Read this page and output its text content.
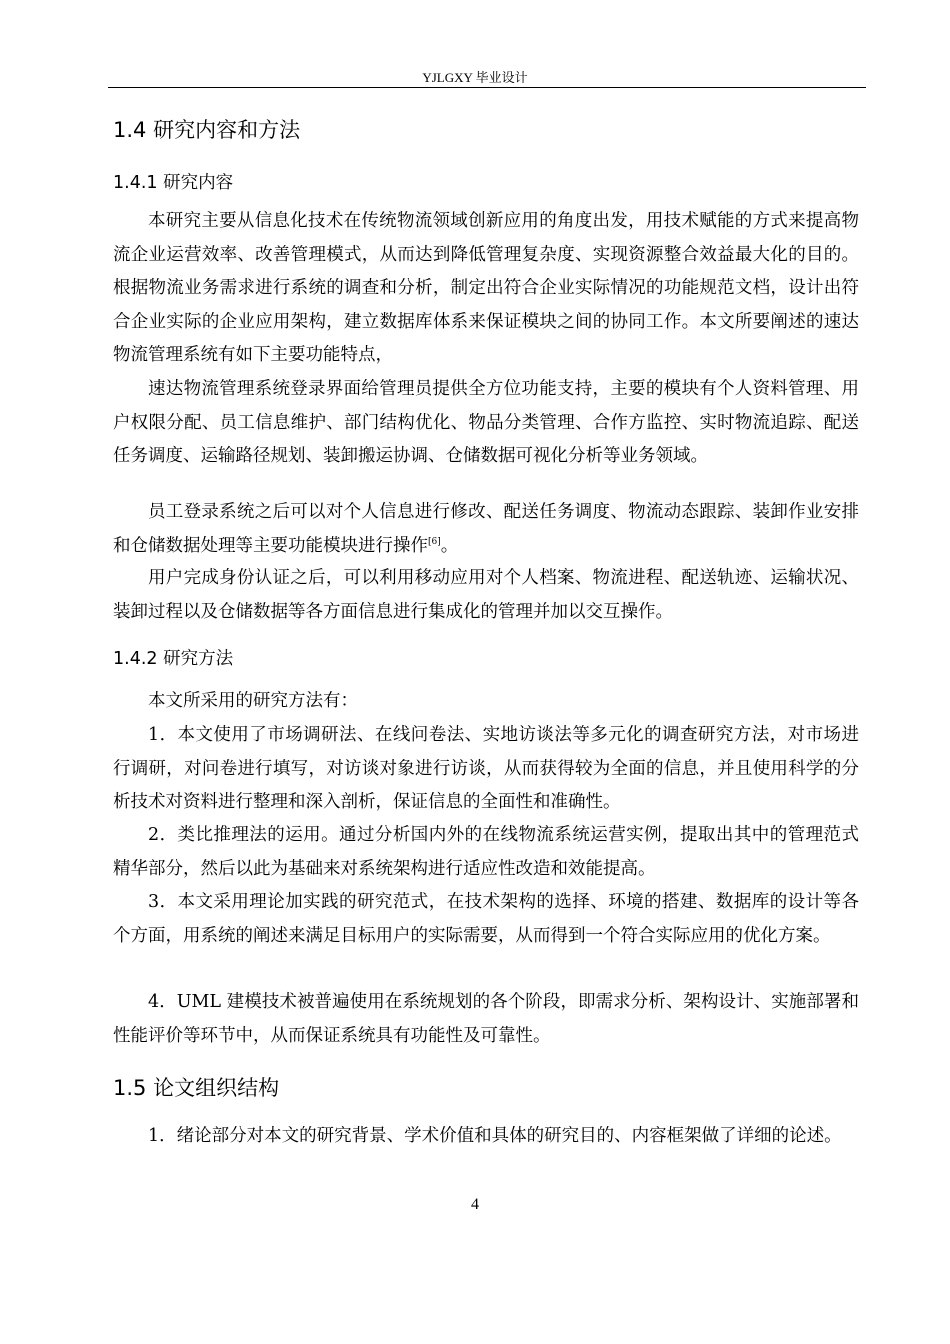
YJLGXY 毕业设计
1.4 研究内容和方法
1.4.1 研究内容

本研究主要从信息化技术在传统物流领域创新应用的角度出发，用技术赋能的方式来提高物流企业运营效率、改善管理模式，从而达到降低管理复杂度、实现资源整合效益最大化的目的。根据物流业务需求进行系统的调查和分析，制定出符合企业实际情况的功能规范文档，设计出符合企业实际的企业应用架构，建立数据库体系来保证模块之间的协同工作。本文所要阐述的速达物流管理系统有如下主要功能特点，

速达物流管理系统登录界面给管理员提供全方位功能支持，主要的模块有个人资料管理、用户权限分配、员工信息维护、部门结构优化、物品分类管理、合作方监控、实时物流追踪、配送任务调度、运输路径规划、装卸搬运协调、仓储数据可视化分析等业务领域。

员工登录系统之后可以对个人信息进行修改、配送任务调度、物流动态跟踪、装卸作业安排和仓储数据处理等主要功能模块进行操作[6]。

用户完成身份认证之后，可以利用移动应用对个人档案、物流进程、配送轨迹、运输状况、装卸过程以及仓储数据等各方面信息进行集成化的管理并加以交互操作。

1.4.2 研究方法

本文所采用的研究方法有：

1．本文使用了市场调研法、在线问卷法、实地访谈法等多元化的调查研究方法，对市场进行调研，对问卷进行填写，对访谈对象进行访谈，从而获得较为全面的信息，并且使用科学的分析技术对资料进行整理和深入剖析，保证信息的全面性和准确性。

2．类比推理法的运用。通过分析国内外的在线物流系统运营实例，提取出其中的管理范式精华部分，然后以此为基础来对系统架构进行适应性改造和效能提高。

3．本文采用理论加实践的研究范式，在技术架构的选择、环境的搭建、数据库的设计等各个方面，用系统的阐述来满足目标用户的实际需要，从而得到一个符合实际应用的优化方案。

4．UML 建模技术被普遍使用在系统规划的各个阶段，即需求分析、架构设计、实施部署和性能评价等环节中，从而保证系统具有功能性及可靠性。

1.5 论文组织结构

1．绪论部分对本文的研究背景、学术价值和具体的研究目的、内容框架做了详细的论述。

4
